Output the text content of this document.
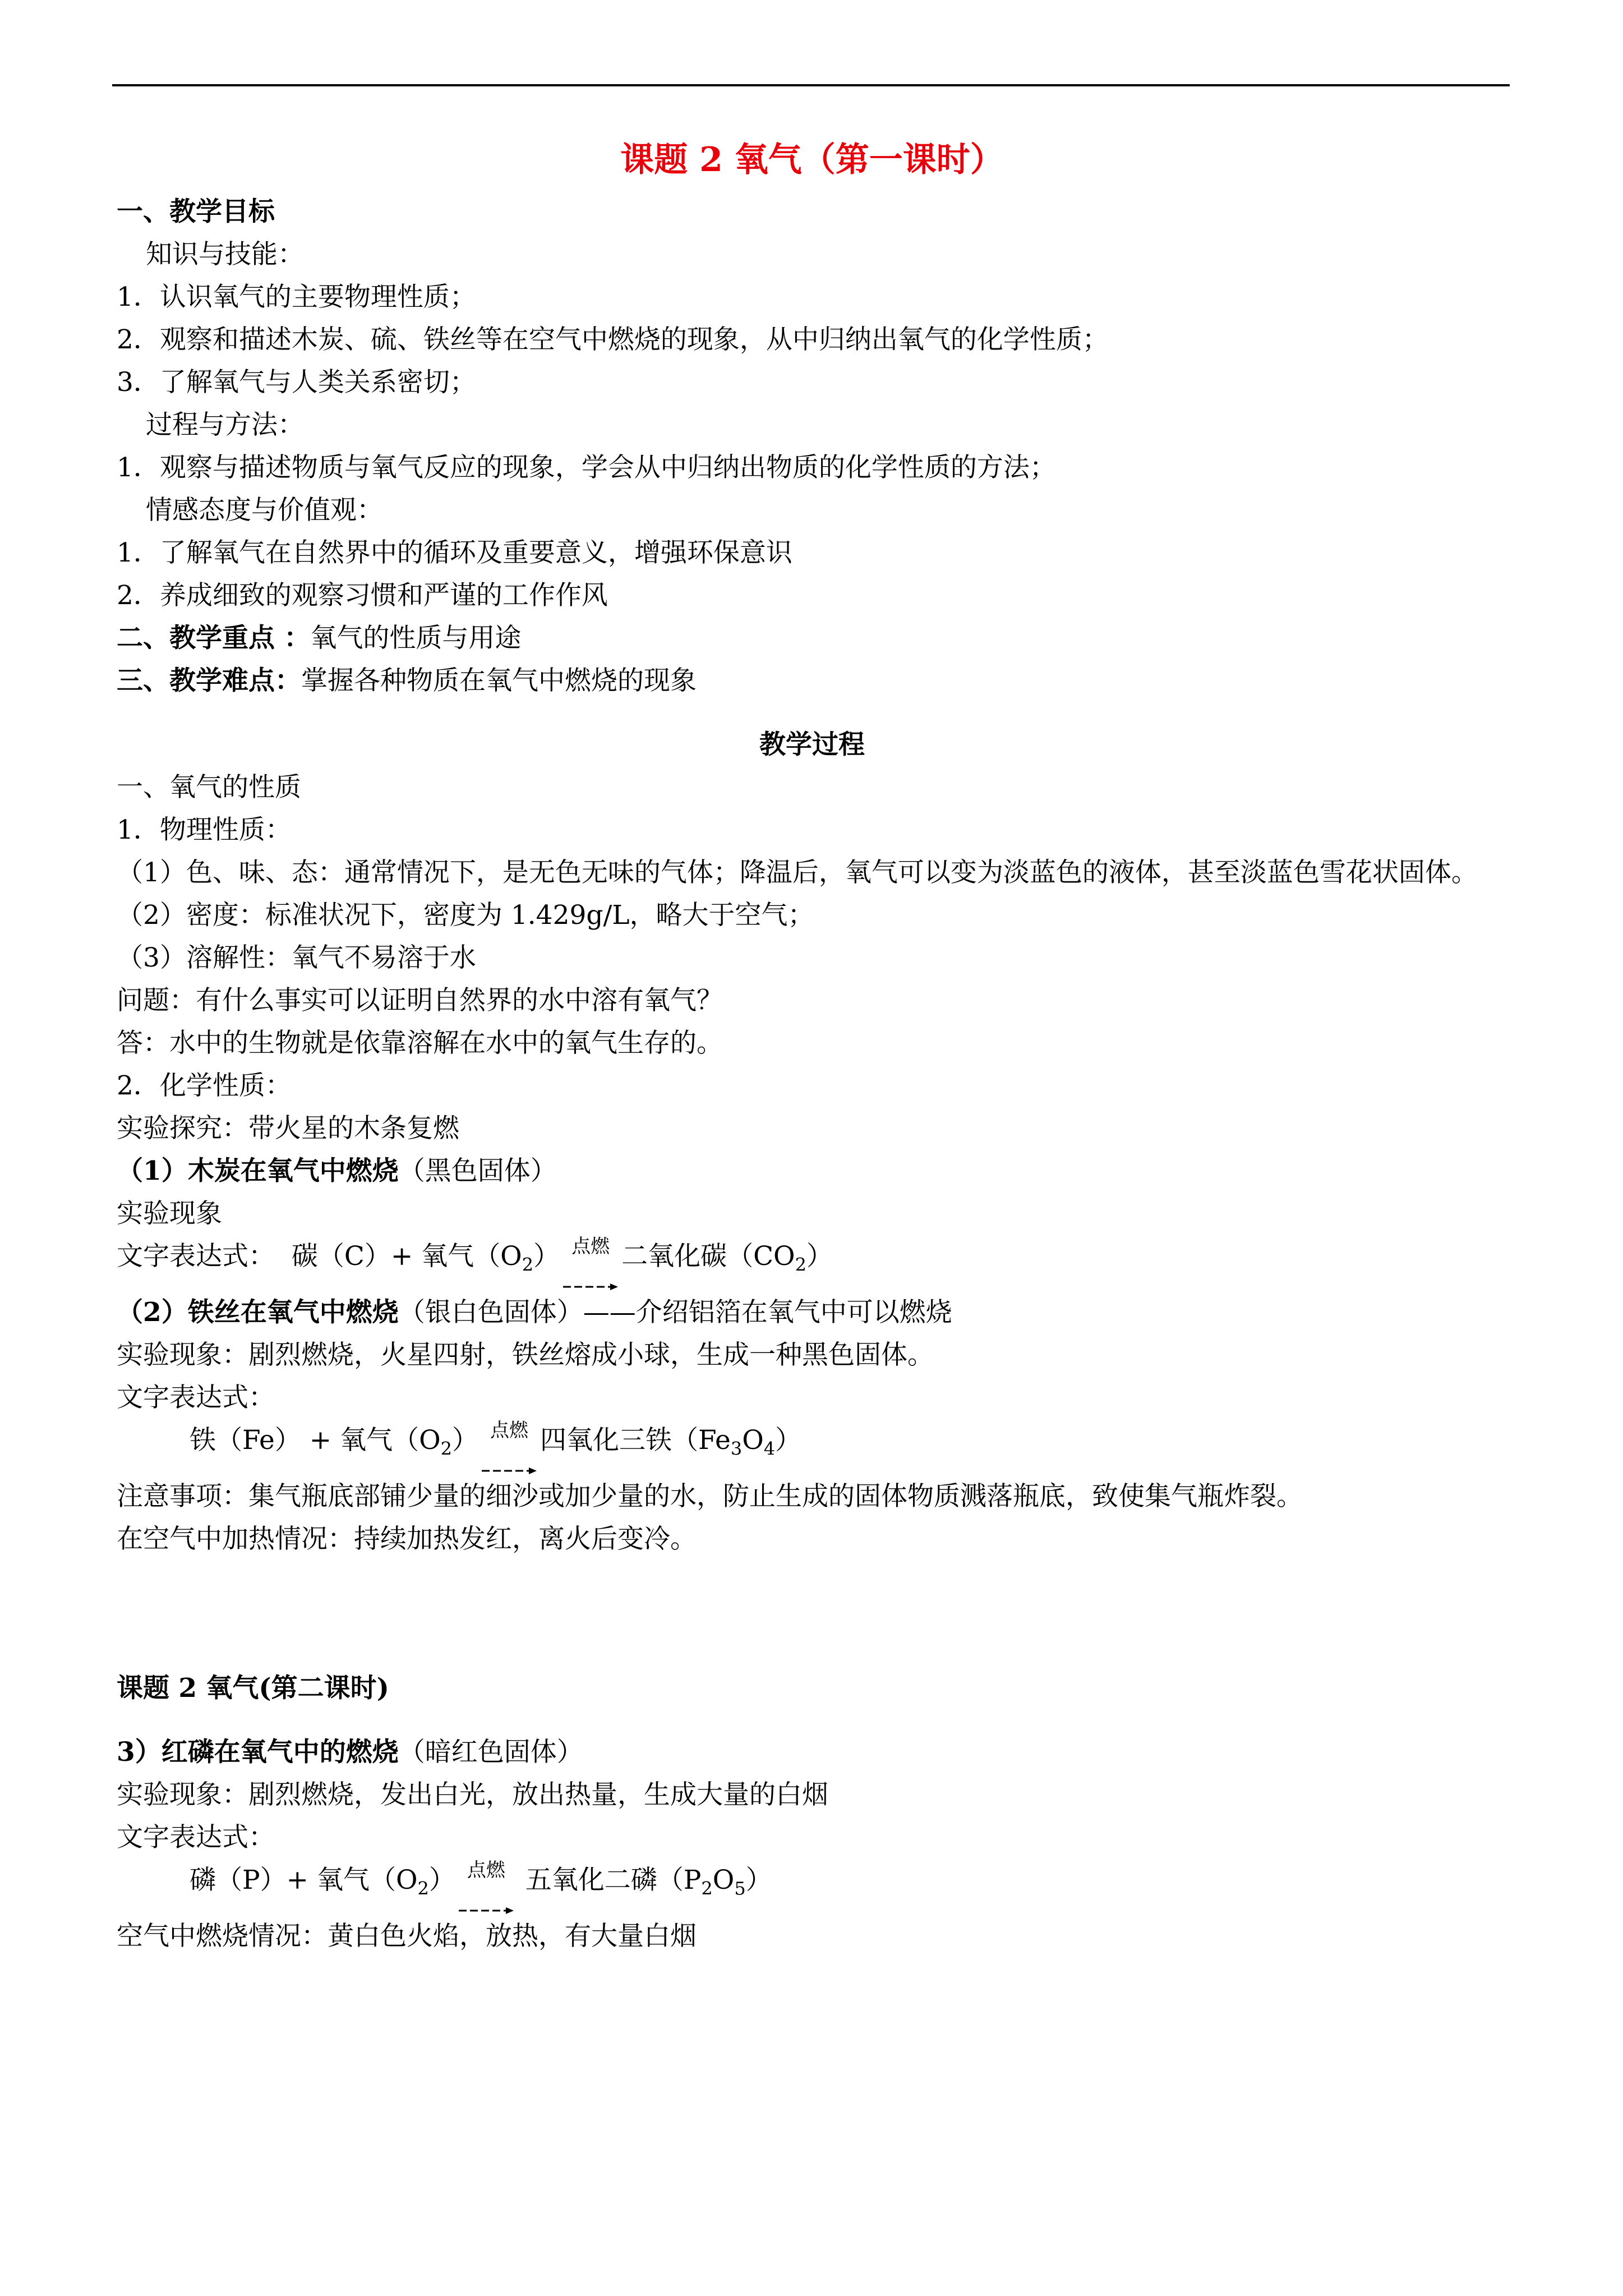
课题 2 氧气（第一课时）
一、教学目标
知识与技能：
1．认识氧气的主要物理性质；
2．观察和描述木炭、硫、铁丝等在空气中燃烧的现象，从中归纳出氧气的化学性质；
3．了解氧气与人类关系密切；
过程与方法：
1．观察与描述物质与氧气反应的现象，学会从中归纳出物质的化学性质的方法；
情感态度与价值观：
1．了解氧气在自然界中的循环及重要意义，增强环保意识
2．养成细致的观察习惯和严谨的工作作风
二、教学重点 ：氧气的性质与用途
三、教学难点：掌握各种物质在氧气中燃烧的现象
教学过程
一、氧气的性质
1．物理性质：
（1）色、味、态：通常情况下，是无色无味的气体；降温后，氧气可以变为淡蓝色的液体，甚至淡蓝色雪花状固体。
（2）密度：标准状况下，密度为 1.429g/L，略大于空气；
（3）溶解性：氧气不易溶于水
问题：有什么事实可以证明自然界的水中溶有氧气？
答：水中的生物就是依靠溶解在水中的氧气生存的。
2．化学性质：
实验探究：带火星的木条复燃
（1）木炭在氧气中燃烧（黑色固体）
实验现象
文字表达式： 碳（C）+ 氧气$(O_2)$ 点燃 二氧化碳$(CO_2)$
（2）铁丝在氧气中燃烧（银白色固体）——介绍铝箔在氧气中可以燃烧
实验现象：剧烈燃烧，火星四射，铁丝熔成小球，生成一种黑色固体。
文字表达式：
铁（Fe） + 氧气$(O_2)$ 点燃 四氧化三铁$(Fe_3O_4)$
注意事项：集气瓶底部铺少量的细沙或加少量的水，防止生成的固体物质溅落瓶底，致使集气瓶炸裂。
在空气中加热情况：持续加热发红，离火后变冷。
课题 2 氧气(第二课时)
3）红磷在氧气中的燃烧（暗红色固体）
实验现象：剧烈燃烧，发出白光，放出热量，生成大量的白烟
文字表达式：
磷（P）+ 氧气$(O_2)$ 点燃 五氧化二磷$(P_2O_5)$
空气中燃烧情况：黄白色火焰，放热，有大量白烟
